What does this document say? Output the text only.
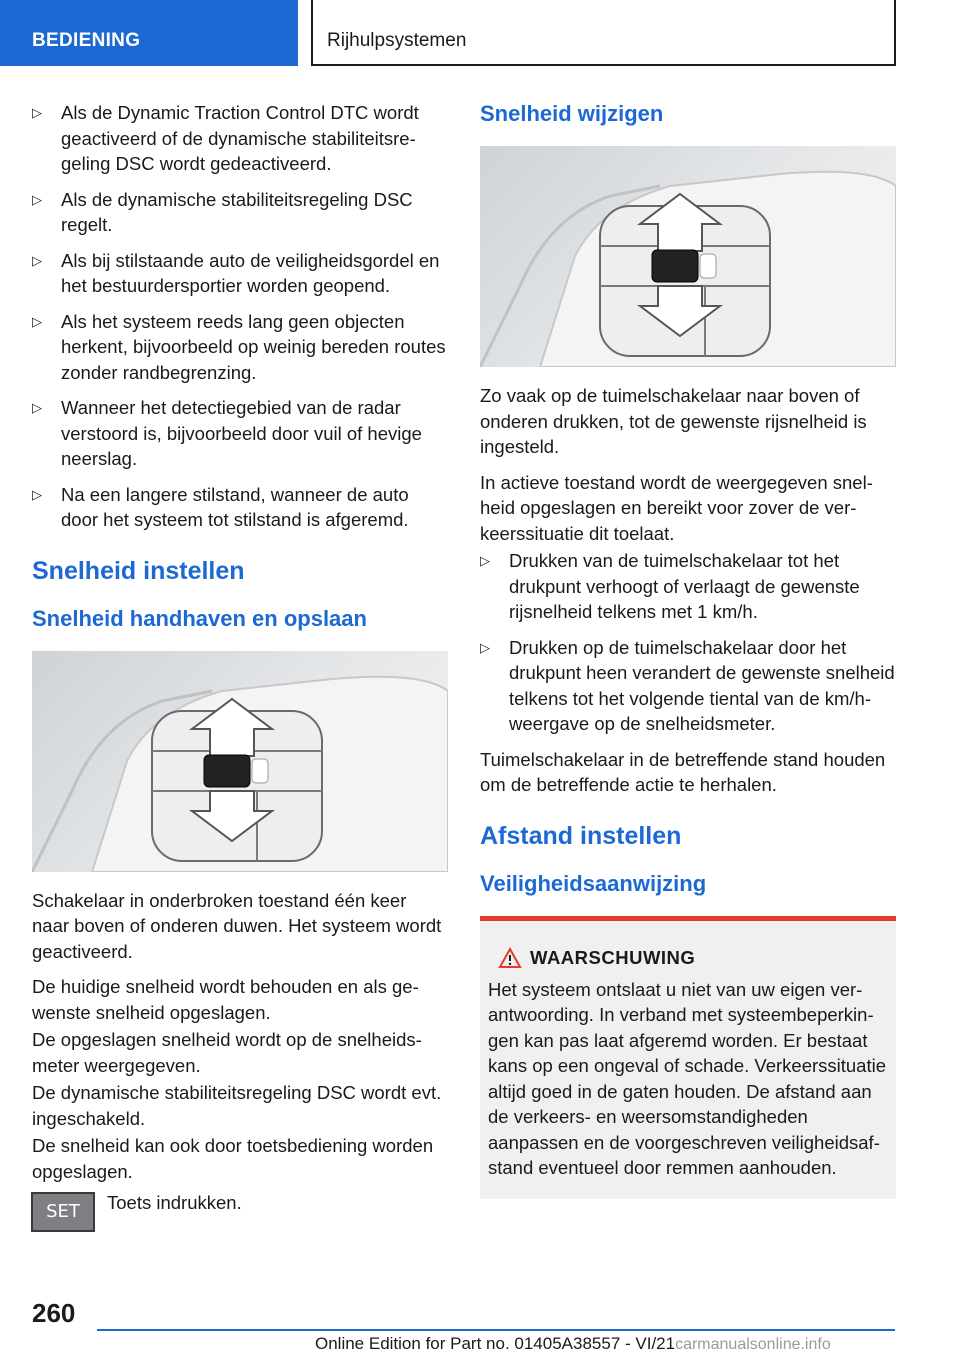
BEDIENING	Rijhulpsystemen
▷ Als de Dynamic Traction Control DTC wordt geactiveerd of de dynamische stabiliteitsregeling DSC wordt gedeactiveerd.
▷ Als de dynamische stabiliteitsregeling DSC regelt.
▷ Als bij stilstaande auto de veiligheidsgordel en het bestuurdersportier worden geopend.
▷ Als het systeem reeds lang geen objecten herkent, bijvoorbeeld op weinig bereden routes zonder randbegrenzing.
▷ Wanneer het detectiegebied van de radar verstoord is, bijvoorbeeld door vuil of hevige neerslag.
▷ Na een langere stilstand, wanneer de auto door het systeem tot stilstand is afgeremd.
Snelheid instellen
Snelheid handhaven en opslaan

Schakelaar in onderbroken toestand één keer naar boven of onderen duwen. Het systeem wordt geactiveerd.

De huidige snelheid wordt behouden en als gewenste snelheid opgeslagen.

De opgeslagen snelheid wordt op de snelheidsmeter weergegeven.

De dynamische stabiliteitsregeling DSC wordt evt. ingeschakeld.

De snelheid kan ook door toetsbediening worden opgeslagen.

SET	Toets indrukken.
Snelheid wijzigen

Zo vaak op de tuimelschakelaar naar boven of onderen drukken, tot de gewenste rijsnelheid is ingesteld.

In actieve toestand wordt de weergegeven snelheid opgeslagen en bereikt voor zover de verkeerssituatie dit toelaat.

▷ Drukken van de tuimelschakelaar tot het drukpunt verhoogt of verlaagt de gewenste rijsnelheid telkens met 1 km/h.
▷ Drukken op de tuimelschakelaar door het drukpunt heen verandert de gewenste snelheid telkens tot het volgende tiental van de km/h-weergave op de snelheidsmeter.

Tuimelschakelaar in de betreffende stand houden om de betreffende actie te herhalen.

Afstand instellen
Veiligheidsaanwijzing
WAARSCHUWING

Het systeem ontslaat u niet van uw eigen verantwoording. In verband met systeembeperkingen kan pas laat afgeremd worden. Er bestaat kans op een ongeval of schade. Verkeerssituatie altijd goed in de gaten houden. De afstand aan de verkeers- en weersomstandigheden aanpassen en de voorgeschreven veiligheidsafstand eventueel door remmen aanhouden.

260
Online Edition for Part no. 01405A38557 - VI/21carmanualsonline.info
